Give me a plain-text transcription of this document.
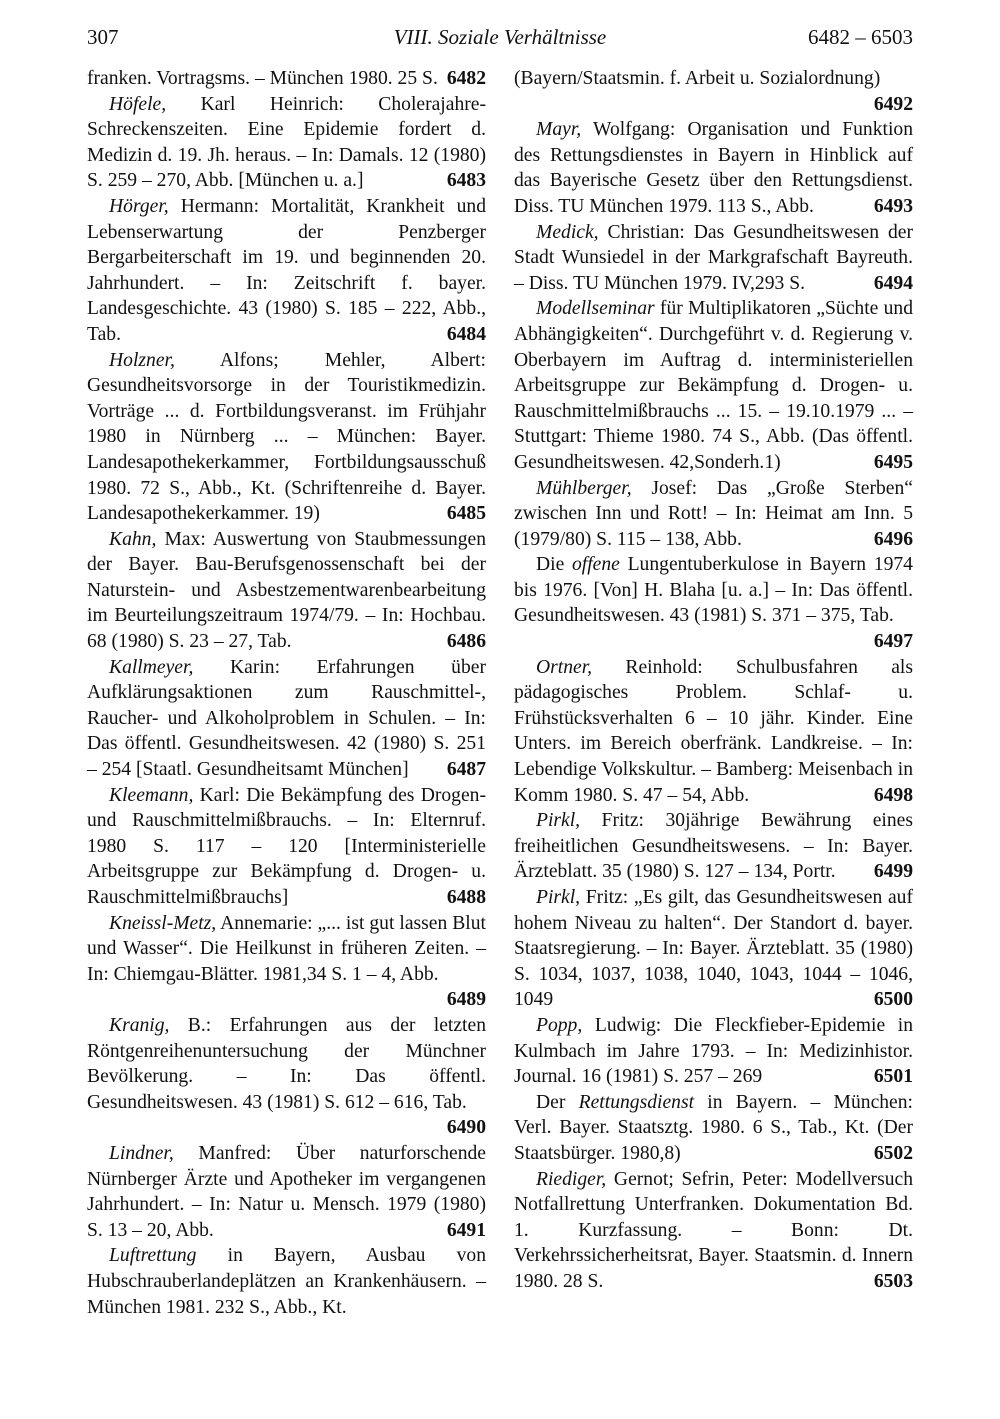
307	VIII. Soziale Verhältnisse	6482 – 6503
franken. Vortragsms. – München 1980. 25 S. 6482
Höfele, Karl Heinrich: Cholerajahre-Schreckenszeiten. Eine Epidemie fordert d. Medizin d. 19. Jh. heraus. – In: Damals. 12 (1980) S. 259 – 270, Abb. [München u. a.]	6483
Hörger, Hermann: Mortalität, Krankheit und Lebenserwartung der Penzberger Bergarbeiterschaft im 19. und beginnenden 20. Jahrhundert. – In: Zeitschrift f. bayer. Landesgeschichte. 43 (1980) S. 185 – 222, Abb., Tab.	6484
Holzner, Alfons; Mehler, Albert: Gesundheitsvorsorge in der Touristikmedizin. Vorträge ... d. Fortbildungsveranst. im Frühjahr 1980 in Nürnberg ... – München: Bayer. Landesapothekerkammer, Fortbildungsausschuß 1980. 72 S., Abb., Kt. (Schriftenreihe d. Bayer. Landesapothekerkammer. 19)	6485
Kahn, Max: Auswertung von Staubmessungen der Bayer. Bau-Berufsgenossenschaft bei der Naturstein- und Asbestzementwarenbearbeitung im Beurteilungszeitraum 1974/79. – In: Hochbau. 68 (1980) S. 23 – 27, Tab.	6486
Kallmeyer, Karin: Erfahrungen über Aufklärungsaktionen zum Rauschmittel-, Raucher- und Alkoholproblem in Schulen. – In: Das öffentl. Gesundheitswesen. 42 (1980) S. 251 – 254 [Staatl. Gesundheitsamt München]	6487
Kleemann, Karl: Die Bekämpfung des Drogen- und Rauschmittelmißbrauchs. – In: Elternruf. 1980 S. 117 – 120 [Interministerielle Arbeitsgruppe zur Bekämpfung d. Drogen- u. Rauschmittelmißbrauchs]	6488
Kneissl-Metz, Annemarie: „... ist gut lassen Blut und Wasser“. Die Heilkunst in früheren Zeiten. – In: Chiemgau-Blätter. 1981,34 S. 1 – 4, Abb.
6489
Kranig, B.: Erfahrungen aus der letzten Röntgenreihenuntersuchung der Münchner Bevölkerung. – In: Das öffentl. Gesundheitswesen. 43 (1981) S. 612 – 616, Tab.
6490
Lindner, Manfred: Über naturforschende Nürnberger Ärzte und Apotheker im vergangenen Jahrhundert. – In: Natur u. Mensch. 1979 (1980) S. 13 – 20, Abb.	6491
Luftrettung in Bayern, Ausbau von Hubschrauberlandeplätzen an Krankenhäusern. – München 1981. 232 S., Abb., Kt.
(Bayern/Staatsmin. f. Arbeit u. Sozialordnung)
6492
Mayr, Wolfgang: Organisation und Funktion des Rettungsdienstes in Bayern in Hinblick auf das Bayerische Gesetz über den Rettungsdienst. Diss. TU München 1979. 113 S., Abb.	6493
Medick, Christian: Das Gesundheitswesen der Stadt Wunsiedel in der Markgrafschaft Bayreuth. – Diss. TU München 1979. IV,293 S.	6494
Modellseminar für Multiplikatoren „Süchte und Abhängigkeiten“. Durchgeführt v. d. Regierung v. Oberbayern im Auftrag d. interministeriellen Arbeitsgruppe zur Bekämpfung d. Drogen- u. Rauschmittelmißbrauchs ... 15. – 19.10.1979 ... – Stuttgart: Thieme 1980. 74 S., Abb. (Das öffentl. Gesundheitswesen. 42,Sonderh.1)	6495
Mühlberger, Josef: Das „Große Sterben“ zwischen Inn und Rott! – In: Heimat am Inn. 5 (1979/80) S. 115 – 138, Abb.	6496
Die offene Lungentuberkulose in Bayern 1974 bis 1976. [Von] H. Blaha [u. a.] – In: Das öffentl. Gesundheitswesen. 43 (1981) S. 371 – 375, Tab.
6497
Ortner, Reinhold: Schulbusfahren als pädagogisches Problem. Schlaf- u. Frühstücksverhalten 6 – 10 jähr. Kinder. Eine Unters. im Bereich oberfränk. Landkreise. – In: Lebendige Volkskultur. – Bamberg: Meisenbach in Komm 1980. S. 47 – 54, Abb.	6498
Pirkl, Fritz: 30jährige Bewährung eines freiheitlichen Gesundheitswesens. – In: Bayer. Ärzteblatt. 35 (1980) S. 127 – 134, Portr.	6499
Pirkl, Fritz: „Es gilt, das Gesundheitswesen auf hohem Niveau zu halten“. Der Standort d. bayer. Staatsregierung. – In: Bayer. Ärzteblatt. 35 (1980) S. 1034, 1037, 1038, 1040, 1043, 1044 – 1046, 1049	6500
Popp, Ludwig: Die Fleckfieber-Epidemie in Kulmbach im Jahre 1793. – In: Medizinhistor. Journal. 16 (1981) S. 257 – 269	6501
Der Rettungsdienst in Bayern. – München: Verl. Bayer. Staatsztg. 1980. 6 S., Tab., Kt. (Der Staatsbürger. 1980,8)	6502
Riediger, Gernot; Sefrin, Peter: Modellversuch Notfallrettung Unterfranken. Dokumentation Bd. 1. Kurzfassung. – Bonn: Dt. Verkehrssicherheitsrat, Bayer. Staatsmin. d. Innern 1980. 28 S.	6503
